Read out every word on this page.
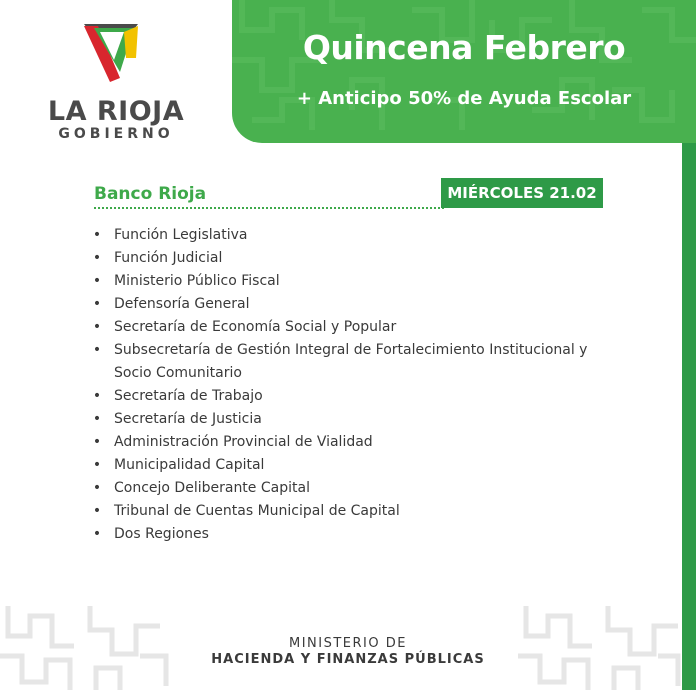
LA RIOJA
GOBIERNO
Quincena Febrero
+ Anticipo 50% de Ayuda Escolar
Banco Rioja	MIÉRCOLES 21.02
• Función Legislativa
• Función Judicial
• Ministerio Público Fiscal
• Defensoría General
• Secretaría de Economía Social y Popular
• Subsecretaría de Gestión Integral de Fortalecimiento Institucional y Socio Comunitario
• Secretaría de Trabajo
• Secretaría de Justicia
• Administración Provincial de Vialidad
• Municipalidad Capital
• Concejo Deliberante Capital
• Tribunal de Cuentas Municipal de Capital
• Dos Regiones
MINISTERIO DE
HACIENDA Y FINANZAS PÚBLICAS
